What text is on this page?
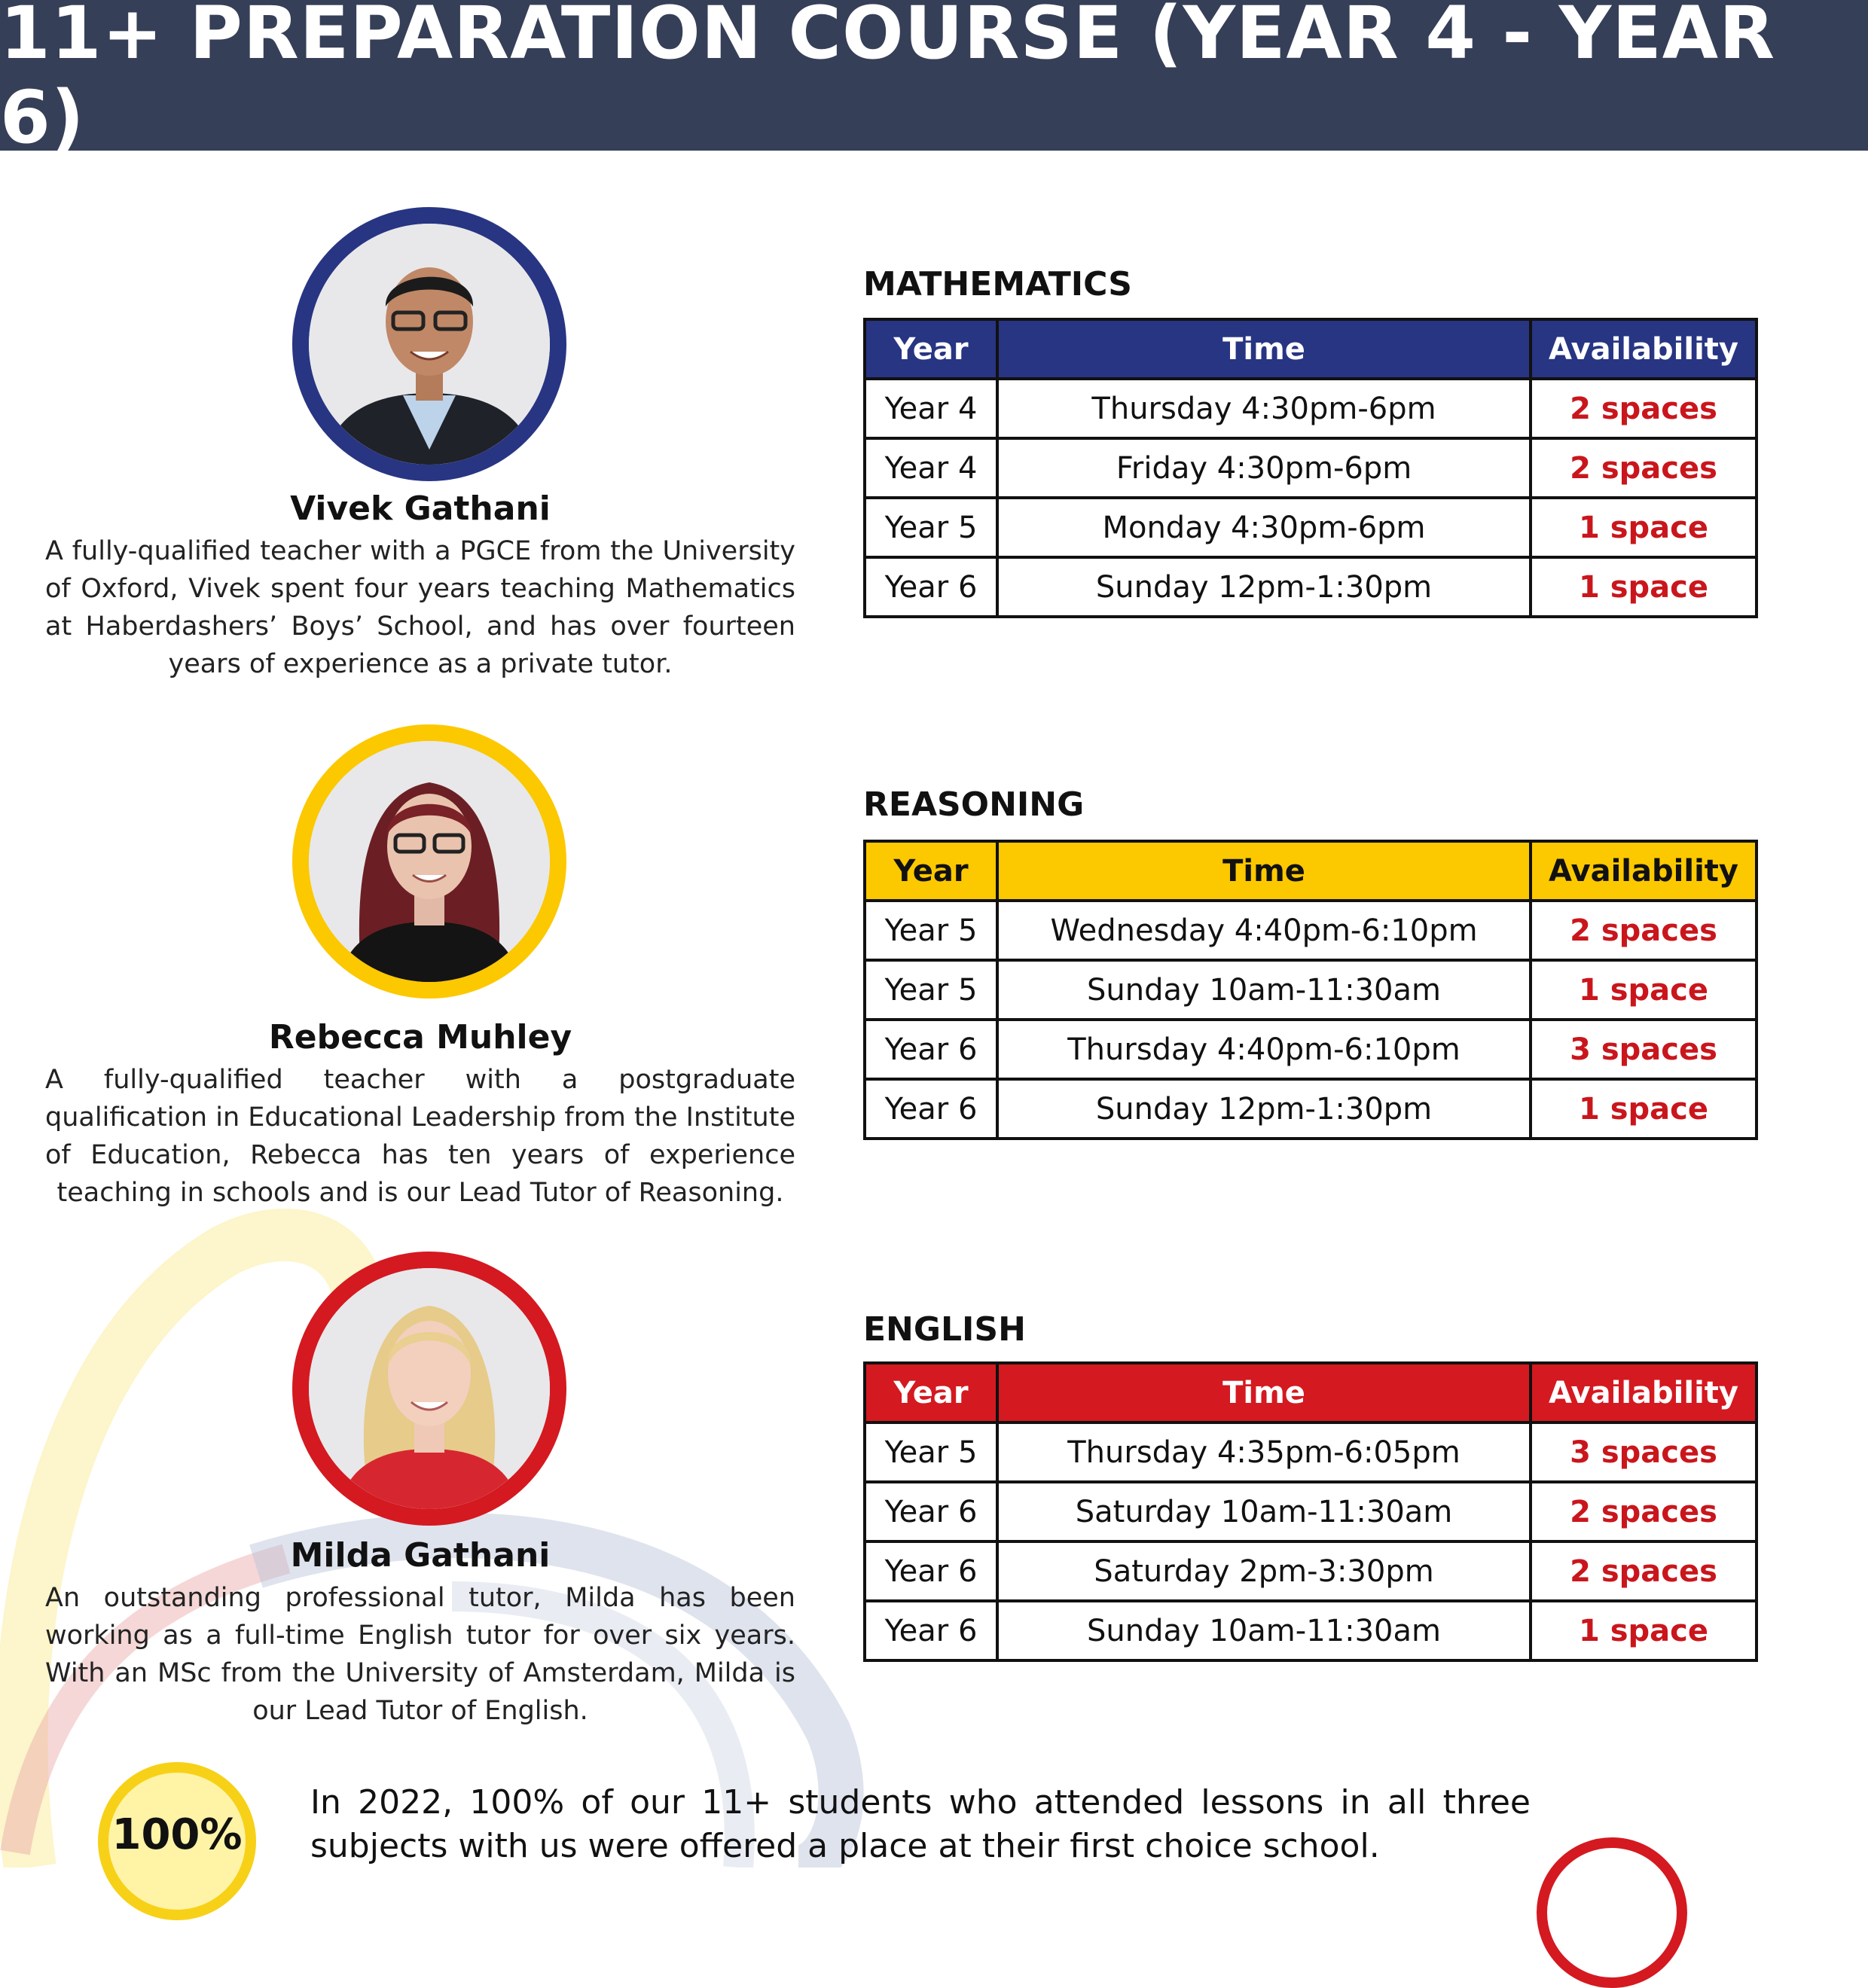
11+ PREPARATION COURSE (YEAR 4 - YEAR 6)
Vivek Gathani
A fully-qualified teacher with a PGCE from the University of Oxford, Vivek spent four years teaching Mathematics at Haberdashers’ Boys’ School, and has over fourteen years of experience as a private tutor.
Rebecca Muhley
A fully-qualified teacher with a postgraduate qualification in Educational Leadership from the Institute of Education, Rebecca has ten years of experience teaching in schools and is our Lead Tutor of Reasoning.
Milda Gathani
An outstanding professional tutor, Milda has been working as a full-time English tutor for over six years. With an MSc from the University of Amsterdam, Milda is our Lead Tutor of English.
MATHEMATICS
Year	Time	Availability
Year 4	Thursday 4:30pm-6pm	2 spaces
Year 4	Friday 4:30pm-6pm	2 spaces
Year 5	Monday 4:30pm-6pm	1 space
Year 6	Sunday 12pm-1:30pm	1 space
REASONING
Year	Time	Availability
Year 5	Wednesday 4:40pm-6:10pm	2 spaces
Year 5	Sunday 10am-11:30am	1 space
Year 6	Thursday 4:40pm-6:10pm	3 spaces
Year 6	Sunday 12pm-1:30pm	1 space
ENGLISH
Year	Time	Availability
Year 5	Thursday 4:35pm-6:05pm	3 spaces
Year 6	Saturday 10am-11:30am	2 spaces
Year 6	Saturday 2pm-3:30pm	2 spaces
Year 6	Sunday 10am-11:30am	1 space
100%
In 2022, 100% of our 11+ students who attended lessons in all three subjects with us were offered a place at their first choice school.
